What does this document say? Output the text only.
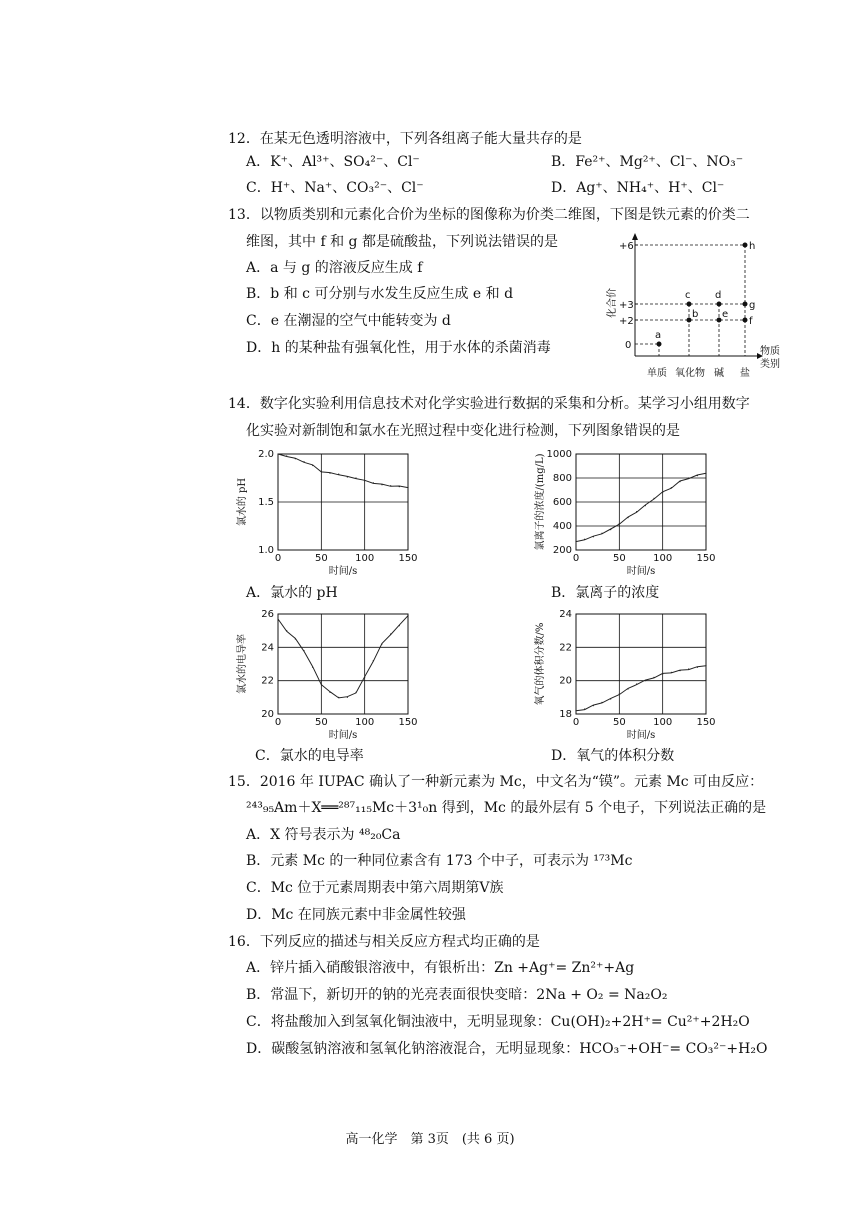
12．在某无色透明溶液中，下列各组离子能大量共存的是
A．K⁺、Al³⁺、SO₄²⁻、Cl⁻	B．Fe²⁺、Mg²⁺、Cl⁻、NO₃⁻
C．H⁺、Na⁺、CO₃²⁻、Cl⁻	D．Ag⁺、NH₄⁺、H⁺、Cl⁻
13．以物质类别和元素化合价为坐标的图像称为价类二维图，下图是铁元素的价类二
维图，其中 f 和 g 都是硫酸盐，下列说法错误的是
A．a 与 g 的溶液反应生成 f
B．b 和 c 可分别与水发生反应生成 e 和 d
C．e 在潮湿的空气中能转变为 d
D．h 的某种盐有强氧化性，用于水体的杀菌消毒
化合价
物质
类别
+6
+3
+2
0
a
b
c d
e
f
g
h
单质 氧化物 碱 盐
14．数字化实验利用信息技术对化学实验进行数据的采集和分析。某学习小组用数字
化实验对新制饱和氯水在光照过程中变化进行检测，下列图象错误的是
0	50	100 150
1.0
1.5
2.0
时间/s
氯水的 pH
0	50	100 150
200
400
600
800
1000
时间/s
氯离子的浓度/(mg/L)
0	50	100 150
20
22
24
26
时间/s
氯水的电导率
0	50	100 150
18
20
22
24
时间/s
氧气的体积分数/%
A．氯水的 pH	B．氯离子的浓度
C．氯水的电导率	D．氧气的体积分数
15．2016 年 IUPAC 确认了一种新元素为 Mc，中文名为“镆”。元素 Mc 可由反应：
²⁴³₉₅Am＋X══²⁸⁷₁₁₅Mc＋3¹₀n 得到，Mc 的最外层有 5 个电子，下列说法正确的是
A．X 符号表示为 ⁴⁸₂₀Ca
B．元素 Mc 的一种同位素含有 173 个中子，可表示为 ¹⁷³Mc
C．Mc 位于元素周期表中第六周期第Ⅴ族
D．Mc 在同族元素中非金属性较强
16．下列反应的描述与相关反应方程式均正确的是
A．锌片插入硝酸银溶液中，有银析出：Zn +Ag⁺= Zn²⁺+Ag
B．常温下，新切开的钠的光亮表面很快变暗：2Na + O₂ = Na₂O₂
C．将盐酸加入到氢氧化铜浊液中，无明显现象：Cu(OH)₂+2H⁺= Cu²⁺+2H₂O
D．碳酸氢钠溶液和氢氧化钠溶液混合，无明显现象：HCO₃⁻+OH⁻= CO₃²⁻+H₂O
高一化学　第 3页　(共 6 页)
